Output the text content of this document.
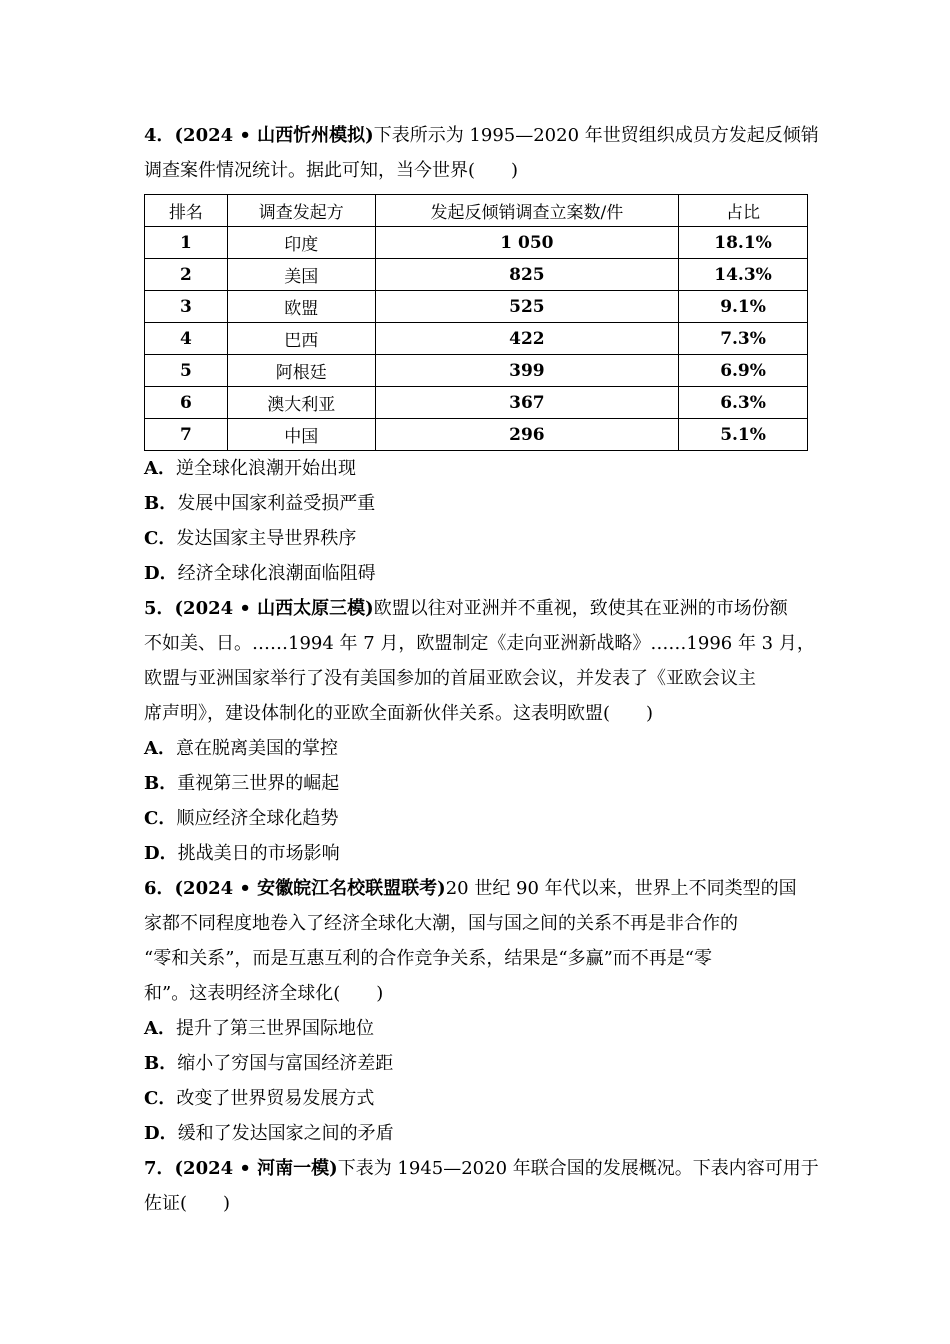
4．(2024 • 山西忻州模拟)下表所示为 1995—2020 年世贸组织成员方发起反倾销
调查案件情况统计。据此可知，当今世界(　　)
排名	调查发起方	发起反倾销调查立案数/件	占比
1	印度	1 050	18.1%
2	美国	825	14.3%
3	欧盟	525	9.1%
4	巴西	422	7.3%
5	阿根廷	399	6.9%
6	澳大利亚	367	6.3%
7	中国	296	5.1%
A．逆全球化浪潮开始出现
B．发展中国家利益受损严重
C．发达国家主导世界秩序
D．经济全球化浪潮面临阻碍
5．(2024 • 山西太原三模)欧盟以往对亚洲并不重视，致使其在亚洲的市场份额
不如美、日。……1994 年 7 月，欧盟制定《走向亚洲新战略》……1996 年 3 月，
欧盟与亚洲国家举行了没有美国参加的首届亚欧会议，并发表了《亚欧会议主
席声明》，建设体制化的亚欧全面新伙伴关系。这表明欧盟(　　)
A．意在脱离美国的掌控
B．重视第三世界的崛起
C．顺应经济全球化趋势
D．挑战美日的市场影响
6．(2024 • 安徽皖江名校联盟联考)20 世纪 90 年代以来，世界上不同类型的国
家都不同程度地卷入了经济全球化大潮，国与国之间的关系不再是非合作的
“零和关系”，而是互惠互利的合作竞争关系，结果是“多赢”而不再是“零
和”。这表明经济全球化(　　)
A．提升了第三世界国际地位
B．缩小了穷国与富国经济差距
C．改变了世界贸易发展方式
D．缓和了发达国家之间的矛盾
7．(2024 • 河南一模)下表为 1945—2020 年联合国的发展概况。下表内容可用于
佐证(　　)
